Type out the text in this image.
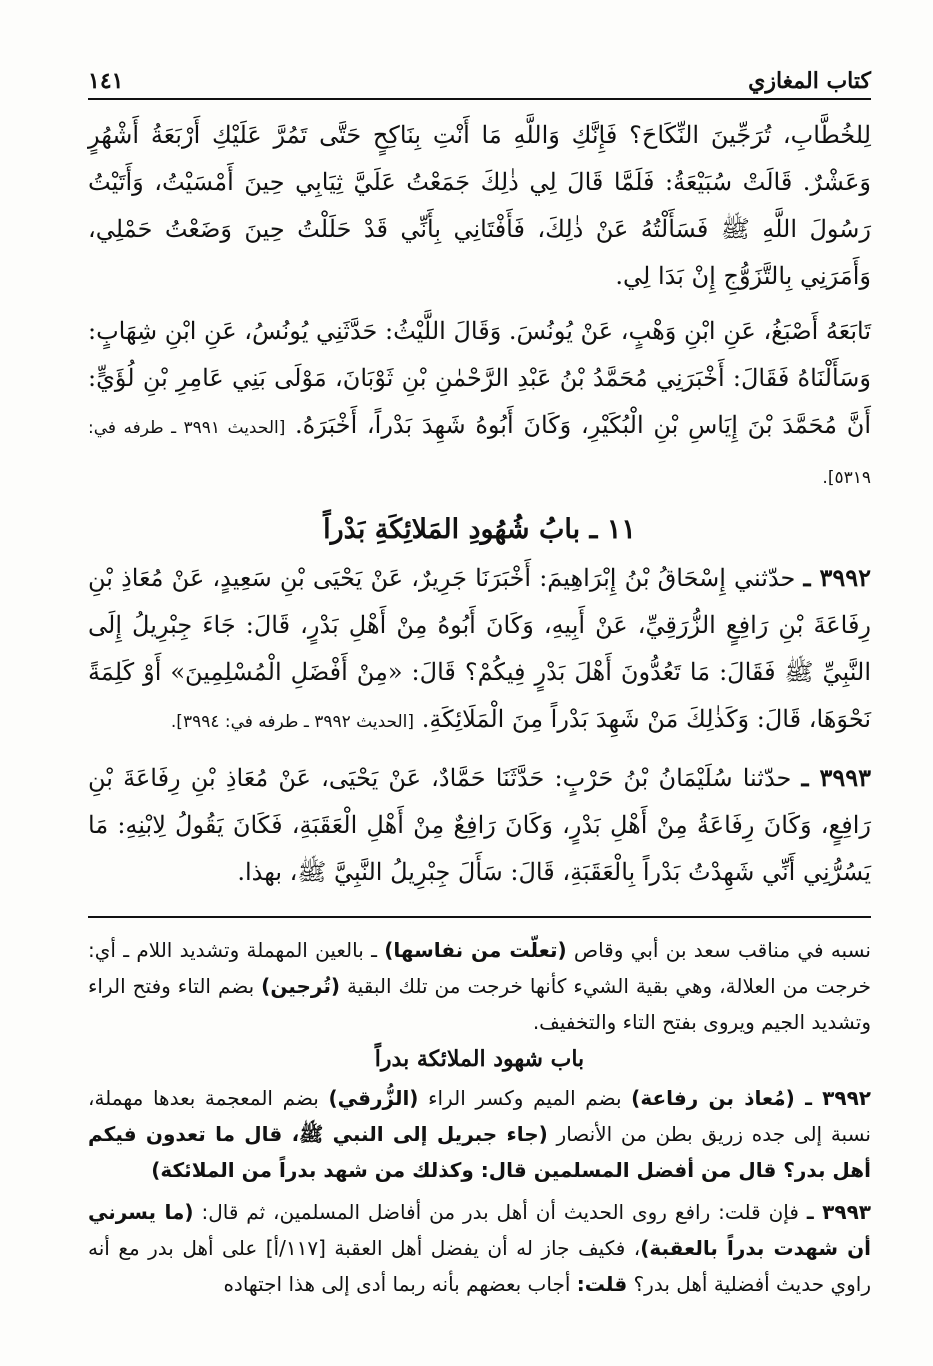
١٤١	كتاب المغازي

لِلخُطَّابِ، تُرَجِّينَ النِّكَاحَ؟ فَإِنَّكِ وَاللَّهِ مَا أَنْتِ بِنَاكِحٍ حَتَّى تَمُرَّ عَلَيْكِ أَرْبَعَةُ أَشْهُرٍ وَعَشْرٌ. قَالَتْ سُبَيْعَةُ: فَلَمَّا قَالَ لِي ذٰلِكَ جَمَعْتُ عَلَيَّ ثِيَابِي حِينَ أَمْسَيْتُ، وَأَتَيْتُ رَسُولَ اللَّهِ ﷺ فَسَأَلْتُهُ عَنْ ذٰلِكَ، فَأَفْتَانِي بِأَنِّي قَدْ حَلَلْتُ حِينَ وَضَعْتُ حَمْلِي، وَأَمَرَنِي بِالتَّزَوُّجِ إِنْ بَدَا لِي.

تَابَعَهُ أَصْبَغُ، عَنِ ابْنِ وَهْبٍ، عَنْ يُونُسَ. وَقَالَ اللَّيْثُ: حَدَّثَنِي يُونُسُ، عَنِ ابْنِ شِهَابٍ: وَسَأَلْنَاهُ فَقَالَ: أَخْبَرَنِي مُحَمَّدُ بْنُ عَبْدِ الرَّحْمٰنِ بْنِ ثَوْبَانَ، مَوْلَى بَنِي عَامِرِ بْنِ لُؤَيٍّ: أَنَّ مُحَمَّدَ بْنَ إِيَاسِ بْنِ الْبُكَيْرِ، وَكَانَ أَبُوهُ شَهِدَ بَدْراً، أَخْبَرَهُ. [الحديث ٣٩٩١ ـ طرفه في: ٥٣١٩].

١١ ـ بابُ شُهُودِ المَلائِكَةِ بَدْراً

٣٩٩٢ ـ حدّثني إِسْحَاقُ بْنُ إِبْرَاهِيمَ: أَخْبَرَنَا جَرِيرٌ، عَنْ يَحْيَى بْنِ سَعِيدٍ، عَنْ مُعَاذِ بْنِ رِفَاعَةَ بْنِ رَافِعٍ الزُّرَقِيِّ، عَنْ أَبِيهِ، وَكَانَ أَبُوهُ مِنْ أَهْلِ بَدْرٍ، قَالَ: جَاءَ جِبْرِيلُ إِلَى النَّبِيِّ ﷺ فَقَالَ: مَا تَعُدُّونَ أَهْلَ بَدْرٍ فِيكُمْ؟ قَالَ: «مِنْ أَفْضَلِ الْمُسْلِمِينَ» أَوْ كَلِمَةً نَحْوَهَا، قَالَ: وَكَذٰلِكَ مَنْ شَهِدَ بَدْراً مِنَ الْمَلَائِكَةِ. [الحديث ٣٩٩٢ ـ طرفه في: ٣٩٩٤].

٣٩٩٣ ـ حدّثنا سُلَيْمَانُ بْنُ حَرْبٍ: حَدَّثَنَا حَمَّادٌ، عَنْ يَحْيَى، عَنْ مُعَاذِ بْنِ رِفَاعَةَ بْنِ رَافِعٍ، وَكَانَ رِفَاعَةُ مِنْ أَهْلِ بَدْرٍ، وَكَانَ رَافِعٌ مِنْ أَهْلِ الْعَقَبَةِ، فَكَانَ يَقُولُ لِابْنِهِ: مَا يَسُرُّنِي أَنِّي شَهِدْتُ بَدْراً بِالْعَقَبَةِ، قَالَ: سَأَلَ جِبْرِيلُ النَّبِيَّ ﷺ، بهذا.

نسبه في مناقب سعد بن أبي وقاص (تعلّت من نفاسها) ـ بالعين المهملة وتشديد اللام ـ أي: خرجت من العلالة، وهي بقية الشيء كأنها خرجت من تلك البقية (تُرجين) بضم التاء وفتح الراء وتشديد الجيم ويروى بفتح التاء والتخفيف.

باب شهود الملائكة بدراً

٣٩٩٢ ـ (مُعاذ بن رفاعة) بضم الميم وكسر الراء (الزُّرقي) بضم المعجمة بعدها مهملة، نسبة إلى جده زريق بطن من الأنصار (جاء جبريل إلى النبي ﷺ، قال ما تعدون فيكم أهل بدر؟ قال من أفضل المسلمين قال: وكذلك من شهد بدراً من الملائكة)

٣٩٩٣ ـ فإن قلت: رافع روى الحديث أن أهل بدر من أفاضل المسلمين، ثم قال: (ما يسرني أن شهدت بدراً بالعقبة)، فكيف جاز له أن يفضل أهل العقبة [١١٧/أ] على أهل بدر مع أنه راوي حديث أفضلية أهل بدر؟ قلت: أجاب بعضهم بأنه ربما أدى إلى هذا اجتهاده
